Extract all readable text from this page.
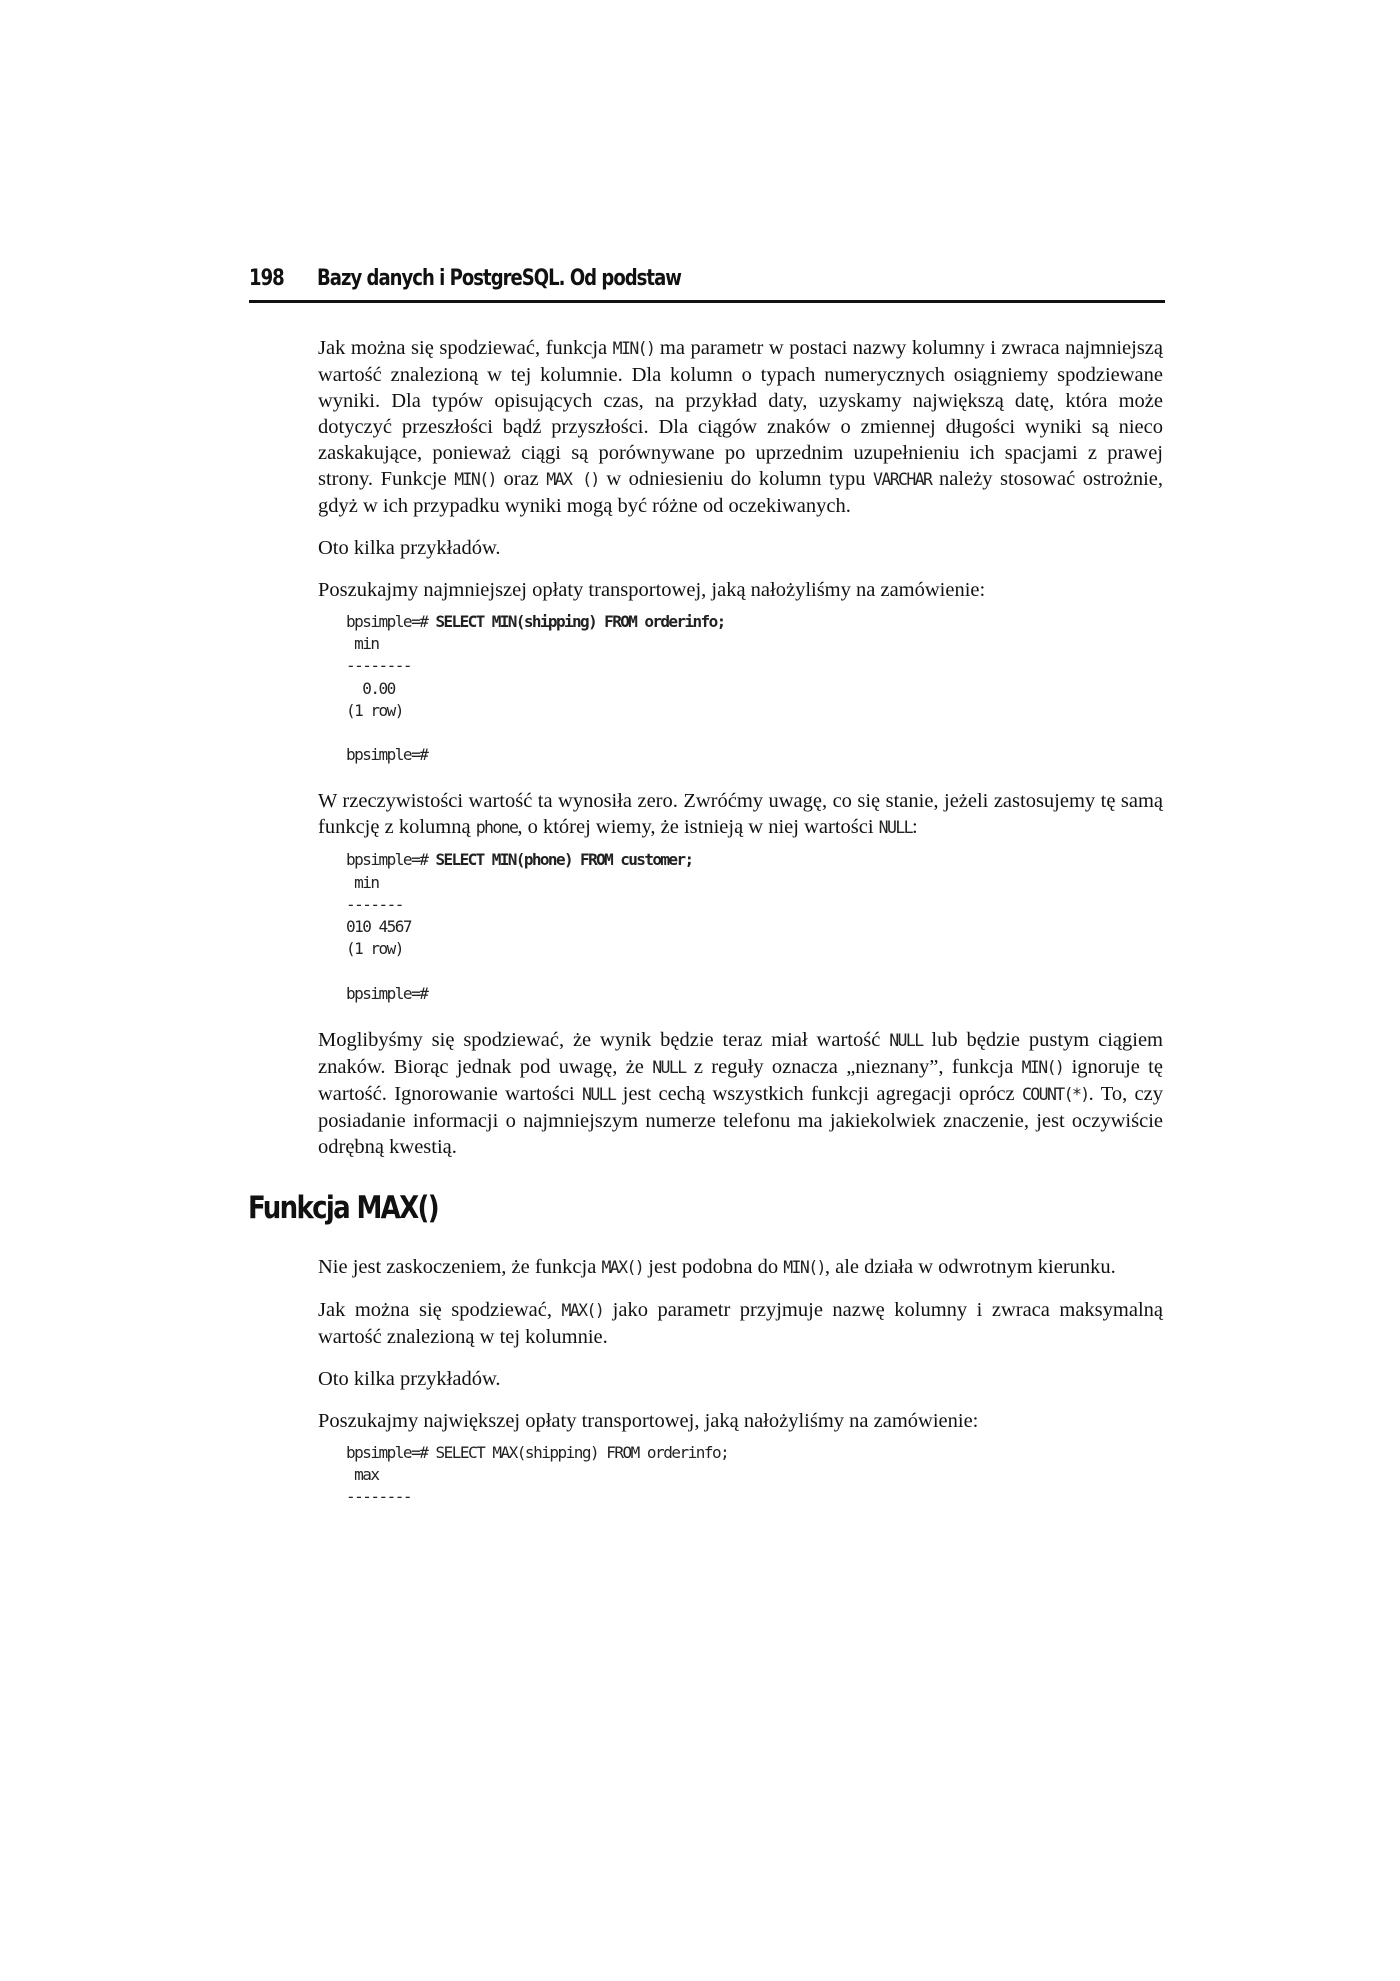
198 Bazy danych i PostgreSQL. Od podstaw

Jak można się spodziewać, funkcja MIN() ma parametr w postaci nazwy kolumny i zwraca najmniejszą wartość znalezioną w tej kolumnie. Dla kolumn o typach numerycznych osiągniemy spodziewane wyniki. Dla typów opisujących czas, na przykład daty, uzyskamy największą datę, która może dotyczyć przeszłości bądź przyszłości. Dla ciągów znaków o zmiennej długości wyniki są nieco zaskakujące, ponieważ ciągi są porównywane po uprzednim uzupełnieniu ich spacjami z prawej strony. Funkcje MIN() oraz MAX () w odniesieniu do kolumn typu VARCHAR należy stosować ostrożnie, gdyż w ich przypadku wyniki mogą być różne od oczekiwanych.

Oto kilka przykładów.

Poszukajmy najmniejszej opłaty transportowej, jaką nałożyliśmy na zamówienie:

bpsimple=# SELECT MIN(shipping) FROM orderinfo;
min
--------
0.00
(1 row)

bpsimple=#

W rzeczywistości wartość ta wynosiła zero. Zwróćmy uwagę, co się stanie, jeżeli zastosujemy tę samą funkcję z kolumną phone, o której wiemy, że istnieją w niej wartości NULL:

bpsimple=# SELECT MIN(phone) FROM customer;
min
-------
010 4567
(1 row)

bpsimple=#

Moglibyśmy się spodziewać, że wynik będzie teraz miał wartość NULL lub będzie pustym ciągiem znaków. Biorąc jednak pod uwagę, że NULL z reguły oznacza „nieznany”, funkcja MIN() ignoruje tę wartość. Ignorowanie wartości NULL jest cechą wszystkich funkcji agregacji oprócz COUNT(*). To, czy posiadanie informacji o najmniejszym numerze telefonu ma jakiekolwiek znaczenie, jest oczywiście odrębną kwestią.

Funkcja MAX()

Nie jest zaskoczeniem, że funkcja MAX() jest podobna do MIN(), ale działa w odwrotnym kierunku.

Jak można się spodziewać, MAX() jako parametr przyjmuje nazwę kolumny i zwraca maksymalną wartość znalezioną w tej kolumnie.

Oto kilka przykładów.

Poszukajmy największej opłaty transportowej, jaką nałożyliśmy na zamówienie:

bpsimple=# SELECT MAX(shipping) FROM orderinfo;
max
--------
